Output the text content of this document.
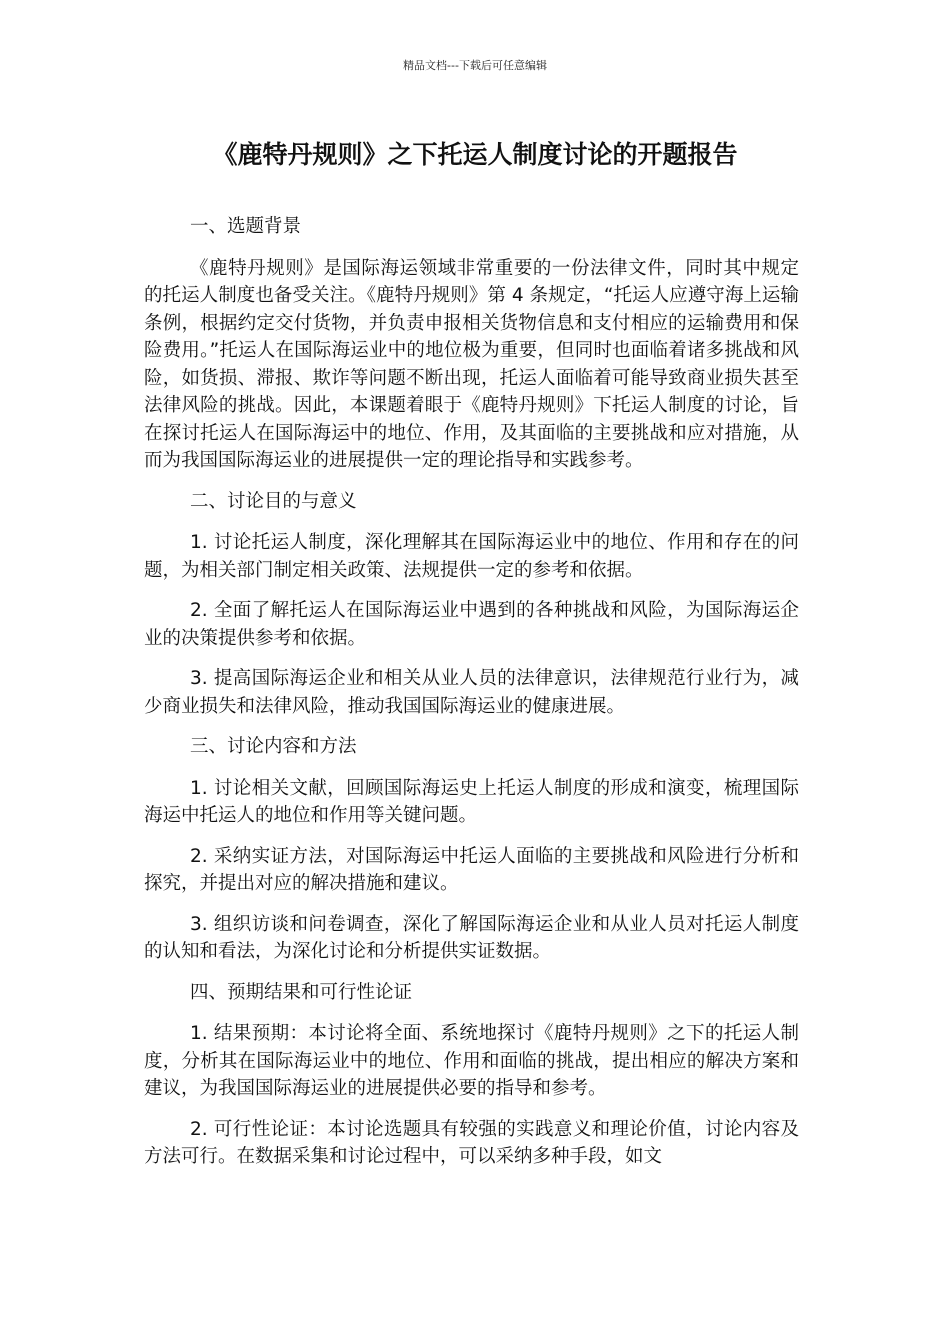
精品文档---下载后可任意编辑
《鹿特丹规则》之下托运人制度讨论的开题报告

一、选题背景

《鹿特丹规则》是国际海运领域非常重要的一份法律文件，同时其中规定的托运人制度也备受关注。《鹿特丹规则》第 4 条规定，“托运人应遵守海上运输条例，根据约定交付货物，并负责申报相关货物信息和支付相应的运输费用和保险费用。”托运人在国际海运业中的地位极为重要，但同时也面临着诸多挑战和风险，如货损、滞报、欺诈等问题不断出现，托运人面临着可能导致商业损失甚至法律风险的挑战。因此，本课题着眼于《鹿特丹规则》下托运人制度的讨论，旨在探讨托运人在国际海运中的地位、作用，及其面临的主要挑战和应对措施，从而为我国国际海运业的进展提供一定的理论指导和实践参考。

二、讨论目的与意义

1. 讨论托运人制度，深化理解其在国际海运业中的地位、作用和存在的问题，为相关部门制定相关政策、法规提供一定的参考和依据。

2. 全面了解托运人在国际海运业中遇到的各种挑战和风险，为国际海运企业的决策提供参考和依据。

3. 提高国际海运企业和相关从业人员的法律意识，法律规范行业行为，减少商业损失和法律风险，推动我国国际海运业的健康进展。

三、讨论内容和方法

1. 讨论相关文献，回顾国际海运史上托运人制度的形成和演变，梳理国际海运中托运人的地位和作用等关键问题。

2. 采纳实证方法，对国际海运中托运人面临的主要挑战和风险进行分析和探究，并提出对应的解决措施和建议。

3. 组织访谈和问卷调查，深化了解国际海运企业和从业人员对托运人制度的认知和看法，为深化讨论和分析提供实证数据。

四、预期结果和可行性论证

1. 结果预期：本讨论将全面、系统地探讨《鹿特丹规则》之下的托运人制度，分析其在国际海运业中的地位、作用和面临的挑战，提出相应的解决方案和建议，为我国国际海运业的进展提供必要的指导和参考。

2. 可行性论证：本讨论选题具有较强的实践意义和理论价值，讨论内容及方法可行。在数据采集和讨论过程中，可以采纳多种手段，如文
